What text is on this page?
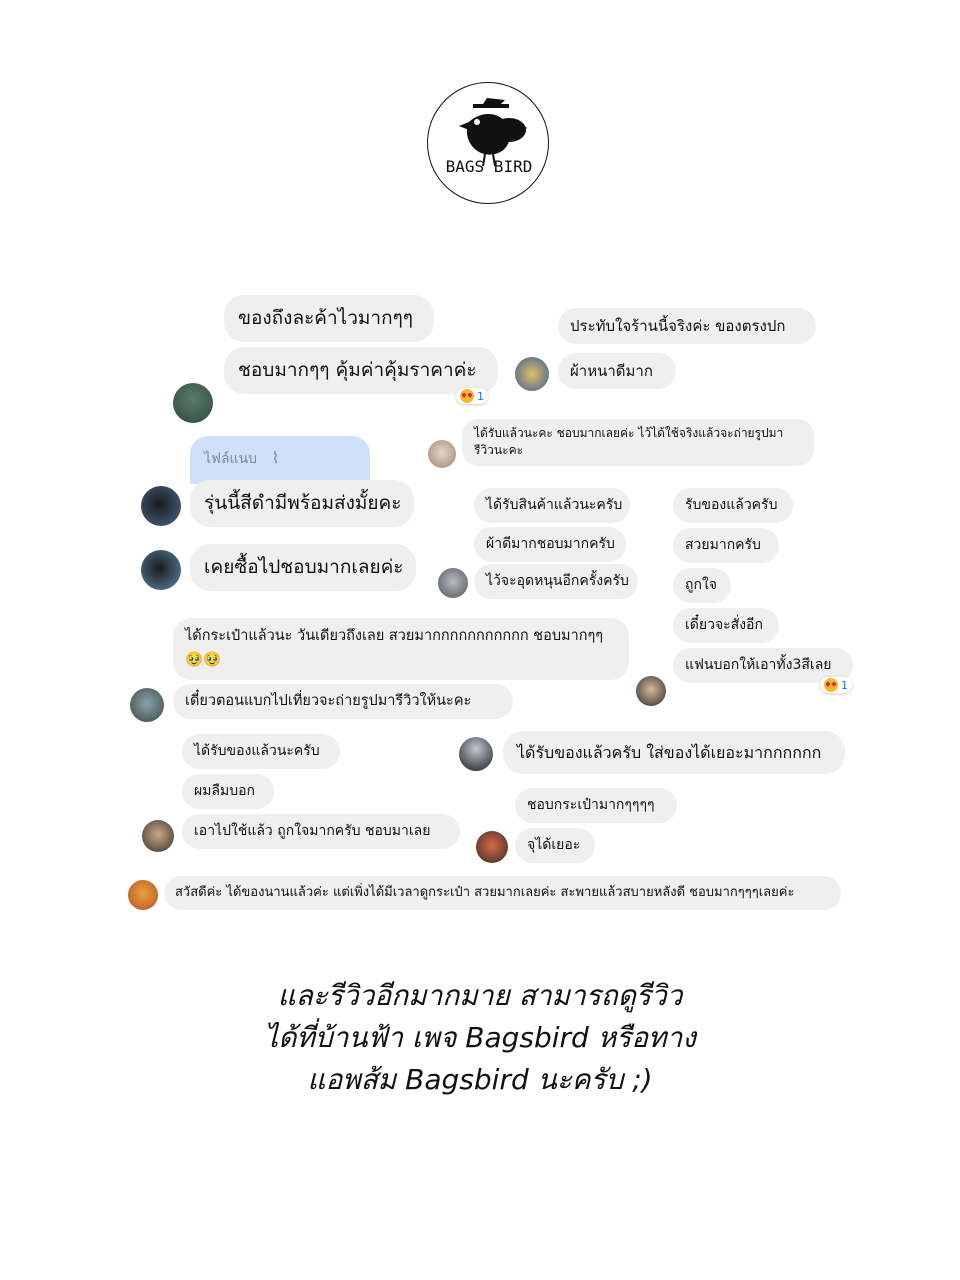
BAGS BIRD
ของถึงละค้าไวมากๆๆ
ชอบมากๆๆ คุ้มค่าคุ้มราคาค่ะ
1
ประทับใจร้านนี้จริงค่ะ ของตรงปก
ผ้าหนาดีมาก
ได้รับแล้วนะคะ ชอบมากเลยค่ะ ไว้ได้ใช้จริงแล้วจะถ่ายรูปมารีวิวนะคะ
ไฟล์แนบ ⌇
รุ่นนี้สีดำมีพร้อมส่งมั้ยคะ
เคยซื้อไปชอบมากเลยค่ะ
ได้รับสินค้าแล้วนะครับ
ผ้าดีมากชอบมากครับ
ไว้จะอุดหนุนอีกครั้งครับ
รับของแล้วครับ
สวยมากครับ
ถูกใจ
เดี๋ยวจะสั่งอีก
แฟนบอกให้เอาทั้ง3สีเลย
1
ได้กระเป๋าแล้วนะ วันเดียวถึงเลย สวยมากกกกกกกกกกก ชอบมากๆๆ🥹🥹
เดี๋ยวตอนแบกไปเที่ยวจะถ่ายรูปมารีวิวให้นะคะ
ได้รับของแล้วนะครับ
ผมลืมบอก
เอาไปใช้แล้ว ถูกใจมากครับ ชอบมาเลย
ได้รับของแล้วครับ ใส่ของได้เยอะมากกกกกก
ชอบกระเป๋ามากๆๆๆๆ
จุได้เยอะ
สวัสดีค่ะ ได้ของนานแล้วค่ะ แต่เพิ่งได้มีเวลาดูกระเป๋า สวยมากเลยค่ะ สะพายแล้วสบายหลังดี ชอบมากๆๆๆเลยค่ะ
และรีวิวอีกมากมาย สามารถดูรีวิว
ได้ที่บ้านฟ้า เพจ Bagsbird หรือทาง
แอพส้ม Bagsbird นะครับ ;)
